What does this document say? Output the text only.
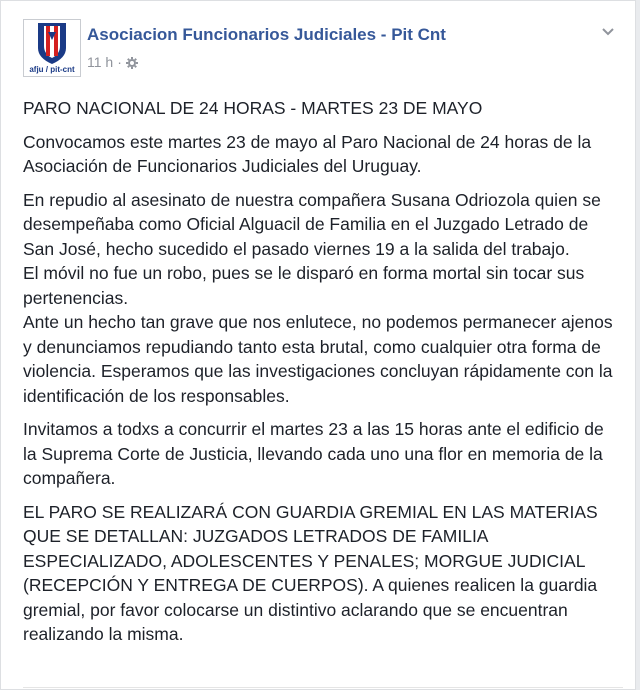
afju / pit-cnt
Asociacion Funcionarios Judiciales - Pit Cnt
11 h ·

PARO NACIONAL DE 24 HORAS - MARTES 23 DE MAYO

Convocamos este martes 23 de mayo al Paro Nacional de 24 horas de la Asociación de Funcionarios Judiciales del Uruguay.

En repudio al asesinato de nuestra compañera Susana Odriozola quien se desempeñaba como Oficial Alguacil de Familia en el Juzgado Letrado de San José, hecho sucedido el pasado viernes 19 a la salida del trabajo.
El móvil no fue un robo, pues se le disparó en forma mortal sin tocar sus pertenencias.
Ante un hecho tan grave que nos enlutece, no podemos permanecer ajenos y denunciamos repudiando tanto esta brutal, como cualquier otra forma de violencia. Esperamos que las investigaciones concluyan rápidamente con la identificación de los responsables.

Invitamos a todxs a concurrir el martes 23 a las 15 horas ante el edificio de la Suprema Corte de Justicia, llevando cada uno una flor en memoria de la compañera.

EL PARO SE REALIZARÁ CON GUARDIA GREMIAL EN LAS MATERIAS QUE SE DETALLAN: JUZGADOS LETRADOS DE FAMILIA ESPECIALIZADO, ADOLESCENTES Y PENALES; MORGUE JUDICIAL (RECEPCIÓN Y ENTREGA DE CUERPOS). A quienes realicen la guardia gremial, por favor colocarse un distintivo aclarando que se encuentran realizando la misma.
